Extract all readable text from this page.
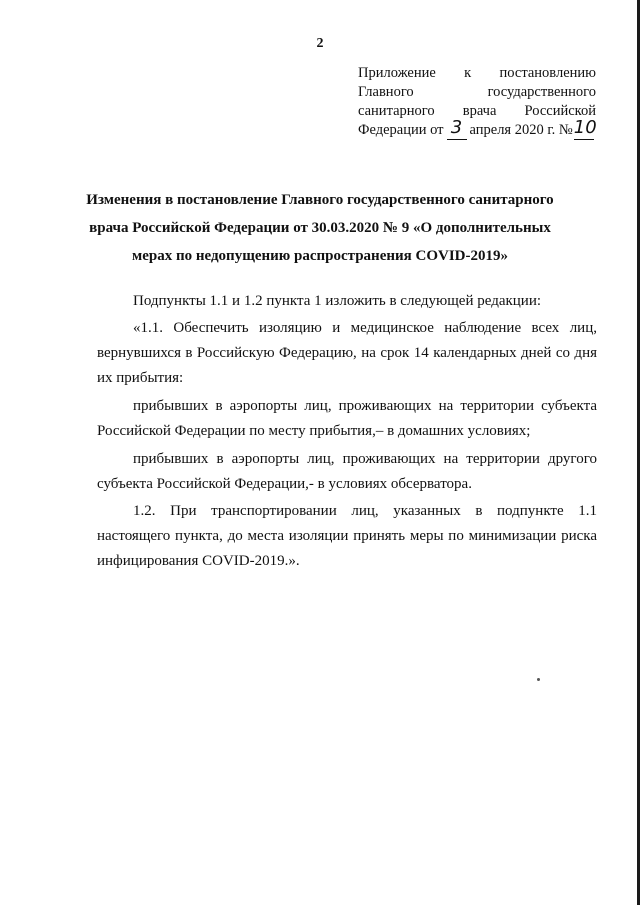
2
Приложение к постановлению
Главного	государственного
санитарного врача Российской
Федерации от 3 апреля 2020 г. № 10
Изменения в постановление Главного государственного санитарного
врача Российской Федерации от 30.03.2020 № 9 «О дополнительных
мерах по недопущению распространения COVID-2019»

Подпункты 1.1 и 1.2 пункта 1 изложить в следующей редакции:

«1.1. Обеспечить изоляцию и медицинское наблюдение всех лиц,

вернувшихся в Российскую Федерацию, на срок 14 календарных дней со дня

их прибытия:

прибывших в аэропорты лиц, проживающих на территории субъекта

Российской Федерации по месту прибытия,– в домашних условиях;

прибывших в аэропорты лиц, проживающих на территории другого

субъекта Российской Федерации,- в условиях обсерватора.

1.2. При транспортировании лиц, указанных в подпункте 1.1

настоящего пункта, до места изоляции принять меры по минимизации риска

инфицирования COVID-2019.».
